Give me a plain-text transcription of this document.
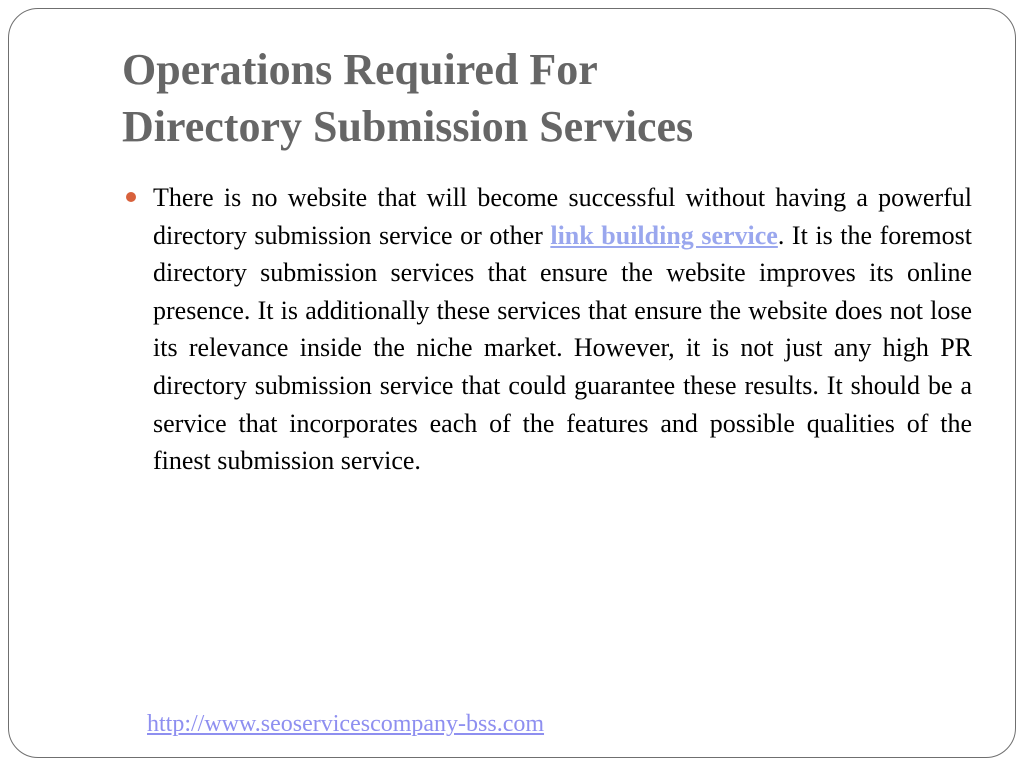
Operations Required For
Directory Submission Services
There is no website that will become successful without having a powerful directory submission service or other link building service. It is the foremost directory submission services that ensure the website improves its online presence. It is additionally these services that ensure the website does not lose its relevance inside the niche market. However, it is not just any high PR directory submission service that could guarantee these results. It should be a service that incorporates each of the features and possible qualities of the finest submission service.
http://www.seoservicescompany-bss.com
